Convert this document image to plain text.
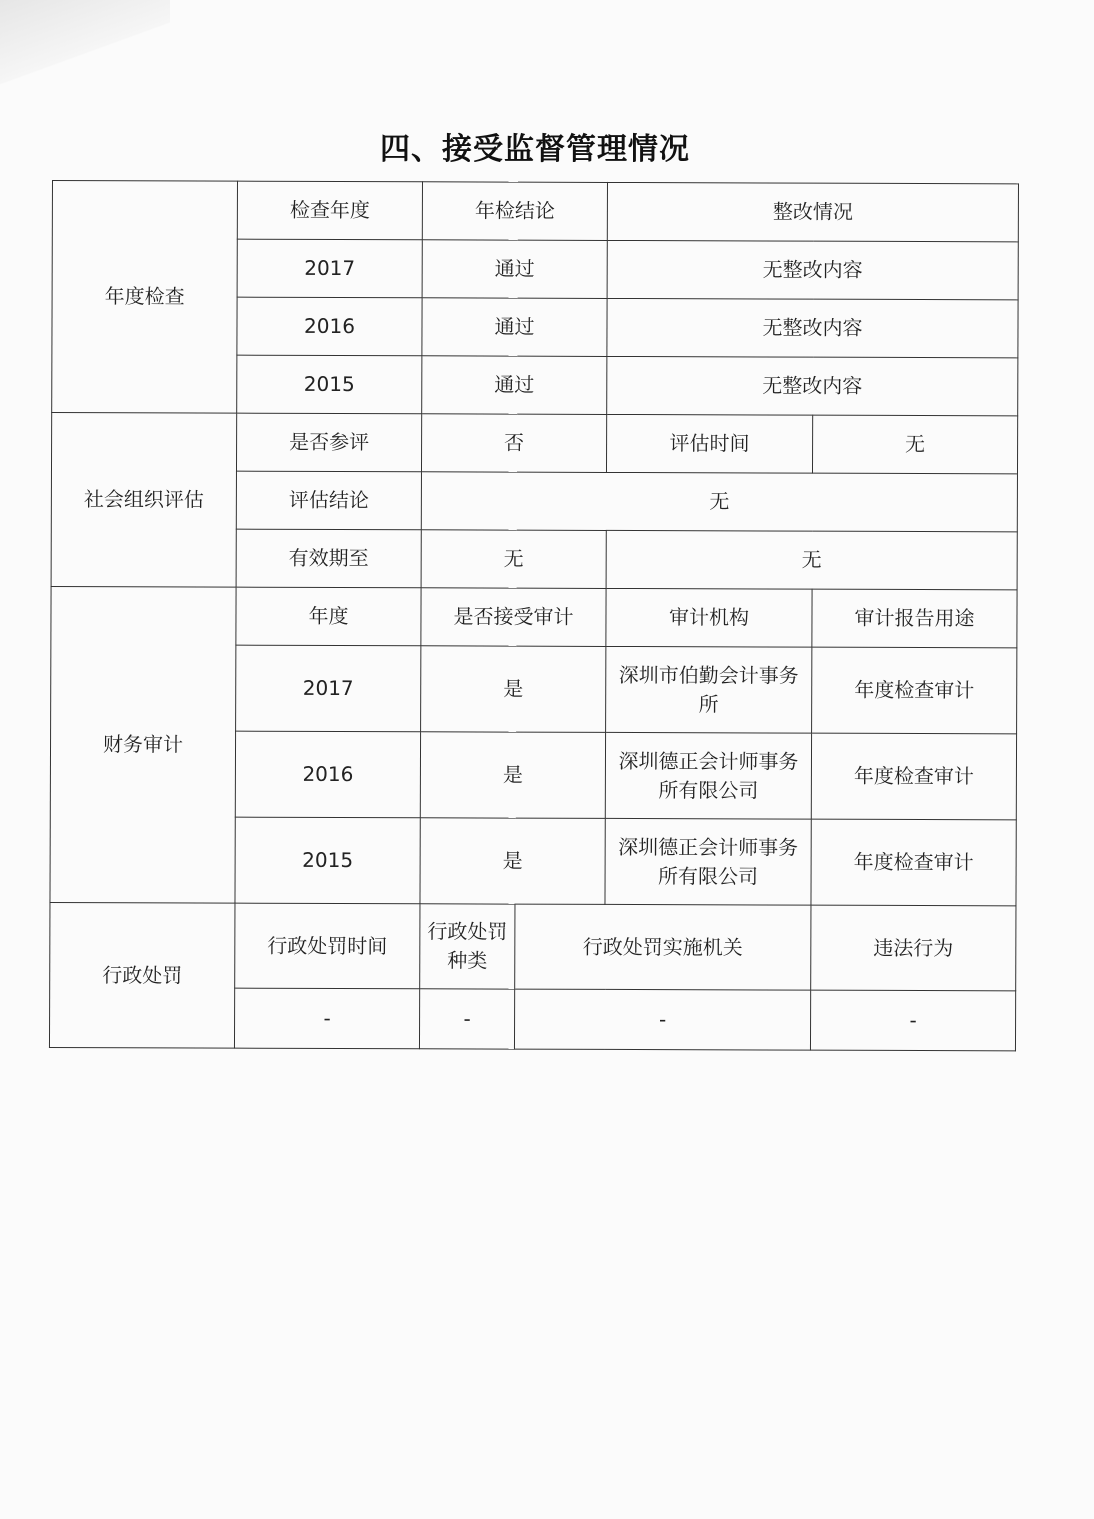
四、接受监督管理情况
年度检查	检查年度	年检结论		整改情况	
	2017	通过		无整改内容	
	2016	通过		无整改内容	
	2015	通过		无整改内容	
社会组织评估	是否参评	否		评估时间	无
	评估结论	无			
	有效期至	无		无	
财务审计	年度	是否接受审计		审计机构	审计报告用途
	2017	是		深圳市伯勤会计事务所	年度检查审计
	2016	是		深圳德正会计师事务所有限公司	年度检查审计
	2015	是		深圳德正会计师事务所有限公司	年度检查审计
行政处罚	行政处罚时间	行政处罚种类	行政处罚实施机关		违法行为
	-	-	-		-
